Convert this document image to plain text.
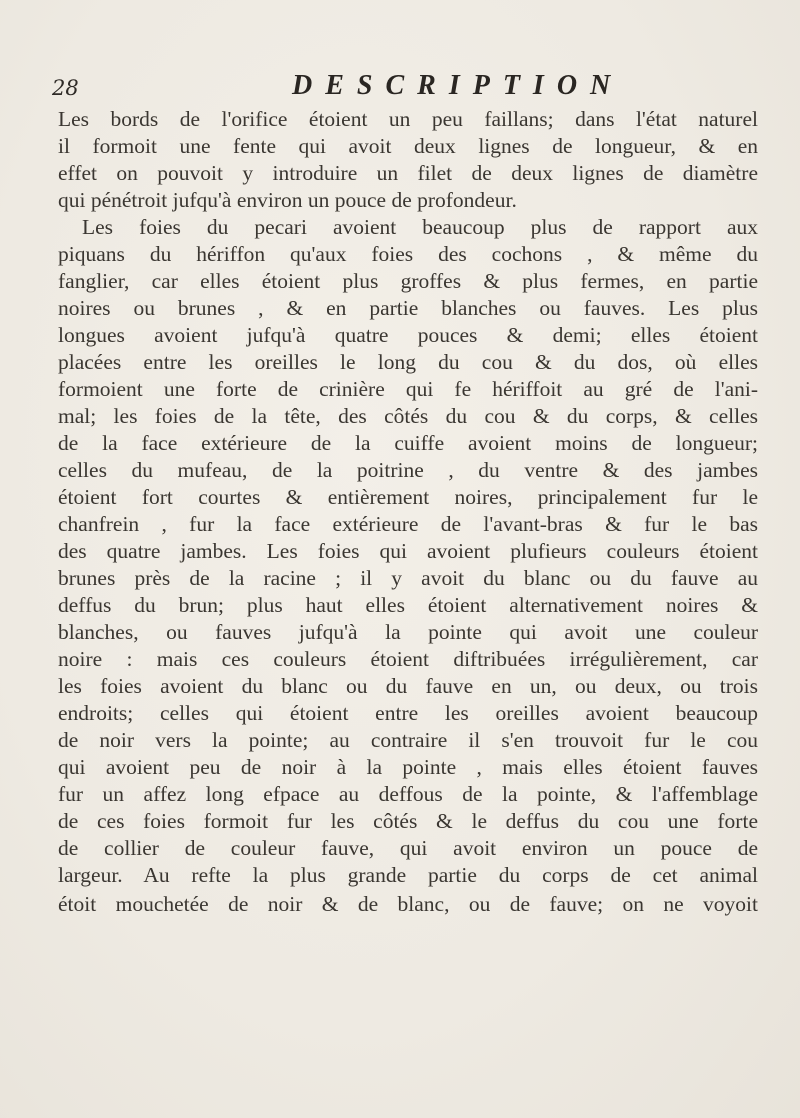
28	DESCRIPTION
Les bords de l'orifice étoient un peu faillans; dans l'état naturel
il formoit une fente qui avoit deux lignes de longueur, & en
effet on pouvoit y introduire un filet de deux lignes de diamètre
qui pénétroit jufqu'à environ un pouce de profondeur.
Les foies du pecari avoient beaucoup plus de rapport aux
piquans du hériffon qu'aux foies des cochons , & même du
fanglier, car elles étoient plus groffes & plus fermes, en partie
noires ou brunes , & en partie blanches ou fauves. Les plus
longues avoient jufqu'à quatre pouces & demi; elles étoient
placées entre les oreilles le long du cou & du dos, où elles
formoient une forte de crinière qui fe hériffoit au gré de l'ani-
mal; les foies de la tête, des côtés du cou & du corps, & celles
de la face extérieure de la cuiffe avoient moins de longueur;
celles du mufeau, de la poitrine , du ventre & des jambes
étoient fort courtes & entièrement noires, principalement fur le
chanfrein , fur la face extérieure de l'avant-bras & fur le bas
des quatre jambes. Les foies qui avoient plufieurs couleurs étoient
brunes près de la racine ; il y avoit du blanc ou du fauve au
deffus du brun; plus haut elles étoient alternativement noires &
blanches, ou fauves jufqu'à la pointe qui avoit une couleur
noire : mais ces couleurs étoient diftribuées irrégulièrement, car
les foies avoient du blanc ou du fauve en un, ou deux, ou trois
endroits; celles qui étoient entre les oreilles avoient beaucoup
de noir vers la pointe; au contraire il s'en trouvoit fur le cou
qui avoient peu de noir à la pointe , mais elles étoient fauves
fur un affez long efpace au deffous de la pointe, & l'affemblage
de ces foies formoit fur les côtés & le deffus du cou une forte
de collier de couleur fauve, qui avoit environ un pouce de
largeur. Au refte la plus grande partie du corps de cet animal
étoit mouchetée de noir & de blanc, ou de fauve; on ne voyoit
